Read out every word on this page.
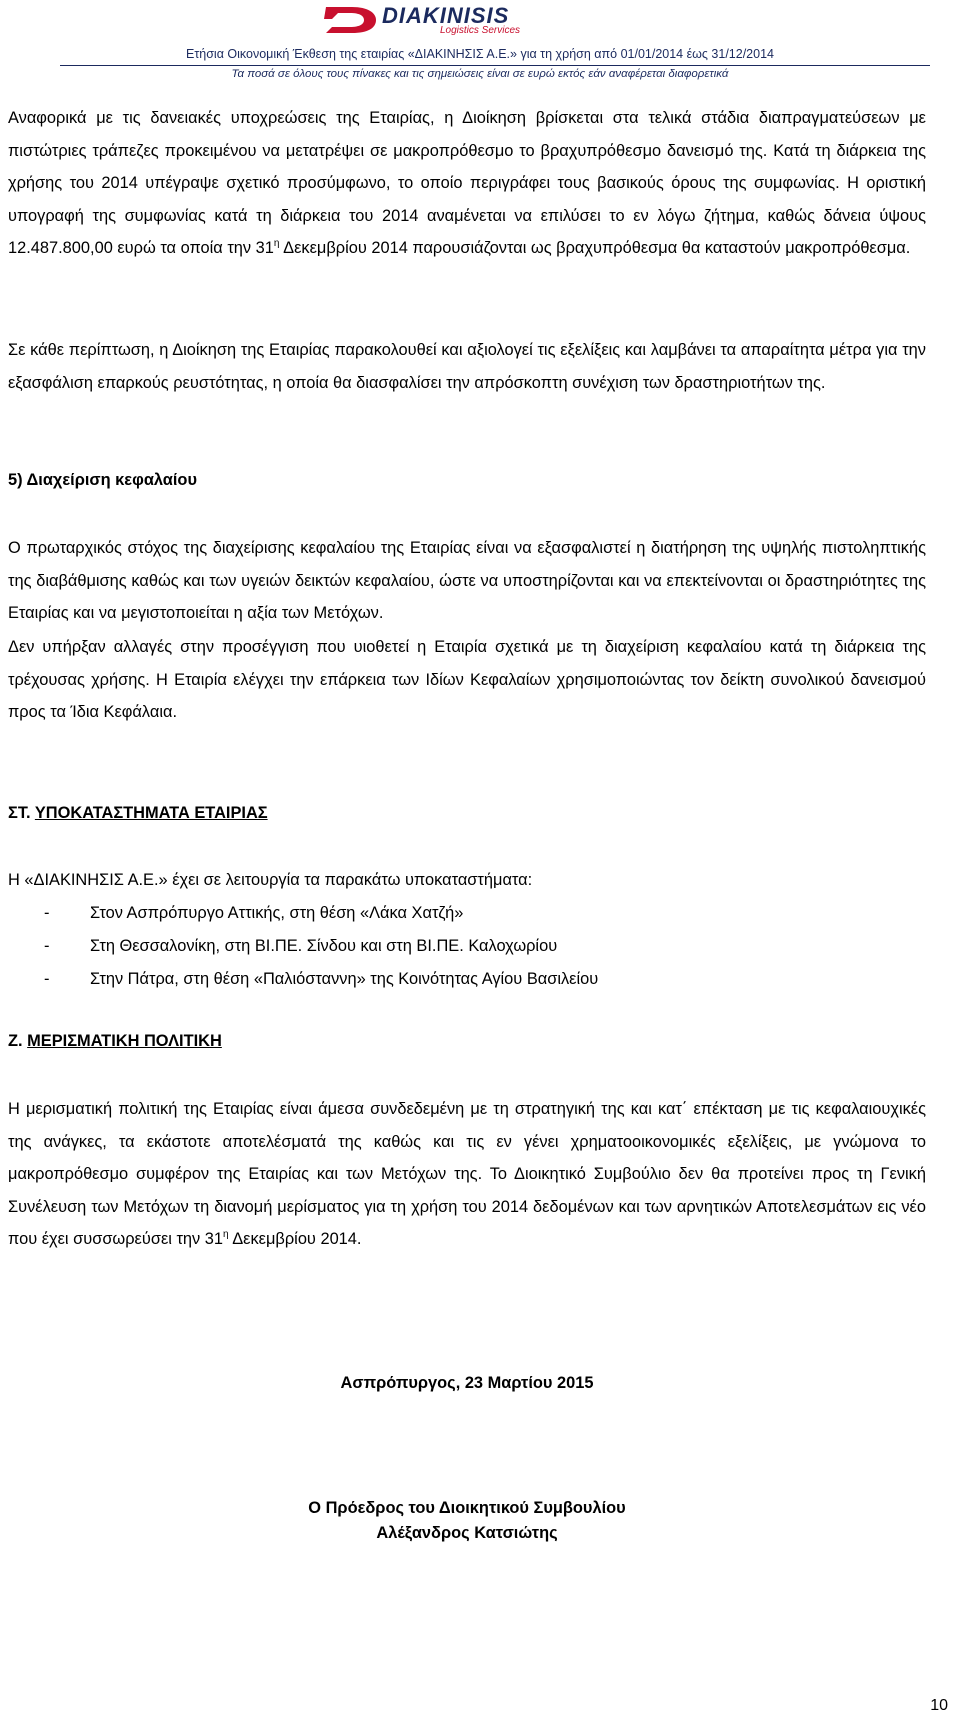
DIAKINISIS
Logistics Services
Ετήσια Οικονομική Έκθεση της εταιρίας «ΔΙΑΚΙΝΗΣΙΣ Α.Ε.» για τη χρήση από 01/01/2014 έως 31/12/2014
Τα ποσά σε όλους τους πίνακες και τις σημειώσεις είναι σε ευρώ εκτός εάν αναφέρεται διαφορετικά

Αναφορικά με τις δανειακές υποχρεώσεις της Εταιρίας, η Διοίκηση βρίσκεται στα τελικά στάδια διαπραγματεύσεων με πιστώτριες τράπεζες προκειμένου να μετατρέψει σε μακροπρόθεσμο το βραχυπρόθεσμο δανεισμό της. Κατά τη διάρκεια της χρήσης του 2014 υπέγραψε σχετικό προσύμφωνο, το οποίο περιγράφει τους βασικούς όρους της συμφωνίας. Η οριστική υπογραφή της συμφωνίας κατά τη διάρκεια του 2014 αναμένεται να επιλύσει το εν λόγω ζήτημα, καθώς δάνεια ύψους 12.487.800,00 ευρώ τα οποία την $31^\eta$ Δεκεμβρίου 2014 παρουσιάζονται ως βραχυπρόθεσμα θα καταστούν μακροπρόθεσμα.

Σε κάθε περίπτωση, η Διοίκηση της Εταιρίας παρακολουθεί και αξιολογεί τις εξελίξεις και λαμβάνει τα απαραίτητα μέτρα για την εξασφάλιση επαρκούς ρευστότητας, η οποία θα διασφαλίσει την απρόσκοπτη συνέχιση των δραστηριοτήτων της.

5) Διαχείριση κεφαλαίου

Ο πρωταρχικός στόχος της διαχείρισης κεφαλαίου της Εταιρίας είναι να εξασφαλιστεί η διατήρηση της υψηλής πιστοληπτικής της διαβάθμισης καθώς και των υγειών δεικτών κεφαλαίου, ώστε να υποστηρίζονται και να επεκτείνονται οι δραστηριότητες της Εταιρίας και να μεγιστοποιείται η αξία των Μετόχων.

Δεν υπήρξαν αλλαγές στην προσέγγιση που υιοθετεί η Εταιρία σχετικά με τη διαχείριση κεφαλαίου κατά τη διάρκεια της τρέχουσας χρήσης. Η Εταιρία ελέγχει την επάρκεια των Ιδίων Κεφαλαίων χρησιμοποιώντας τον δείκτη συνολικού δανεισμού προς τα Ίδια Κεφάλαια.

ΣΤ. ΥΠΟΚΑΤΑΣΤΗΜΑΤΑ ΕΤΑΙΡΙΑΣ

Η «ΔΙΑΚΙΝΗΣΙΣ Α.Ε.» έχει σε λειτουργία τα παρακάτω υποκαταστήματα:

-	Στον Ασπρόπυργο Αττικής, στη θέση «Λάκα Χατζή»
-	Στη Θεσσαλονίκη, στη ΒΙ.ΠΕ. Σίνδου και στη ΒΙ.ΠΕ. Καλοχωρίου
-	Στην Πάτρα, στη θέση «Παλιόσταννη» της Κοινότητας Αγίου Βασιλείου
Ζ. ΜΕΡΙΣΜΑΤΙΚΗ ΠΟΛΙΤΙΚΗ

Η μερισματική πολιτική της Εταιρίας είναι άμεσα συνδεδεμένη με τη στρατηγική της και κατ΄ επέκταση με τις κεφαλαιουχικές της ανάγκες, τα εκάστοτε αποτελέσματά της καθώς και τις εν γένει χρηματοοικονομικές εξελίξεις, με γνώμονα το μακροπρόθεσμο συμφέρον της Εταιρίας και των Μετόχων της. Το Διοικητικό Συμβούλιο δεν θα προτείνει προς τη Γενική Συνέλευση των Μετόχων τη διανομή μερίσματος για τη χρήση του 2014 δεδομένων και των αρνητικών Αποτελεσμάτων εις νέο που έχει συσσωρεύσει την $31^\eta$ Δεκεμβρίου 2014.

Ασπρόπυργος, 23 Μαρτίου 2015
Ο Πρόεδρος του Διοικητικού Συμβουλίου
Αλέξανδρος Κατσιώτης
10
